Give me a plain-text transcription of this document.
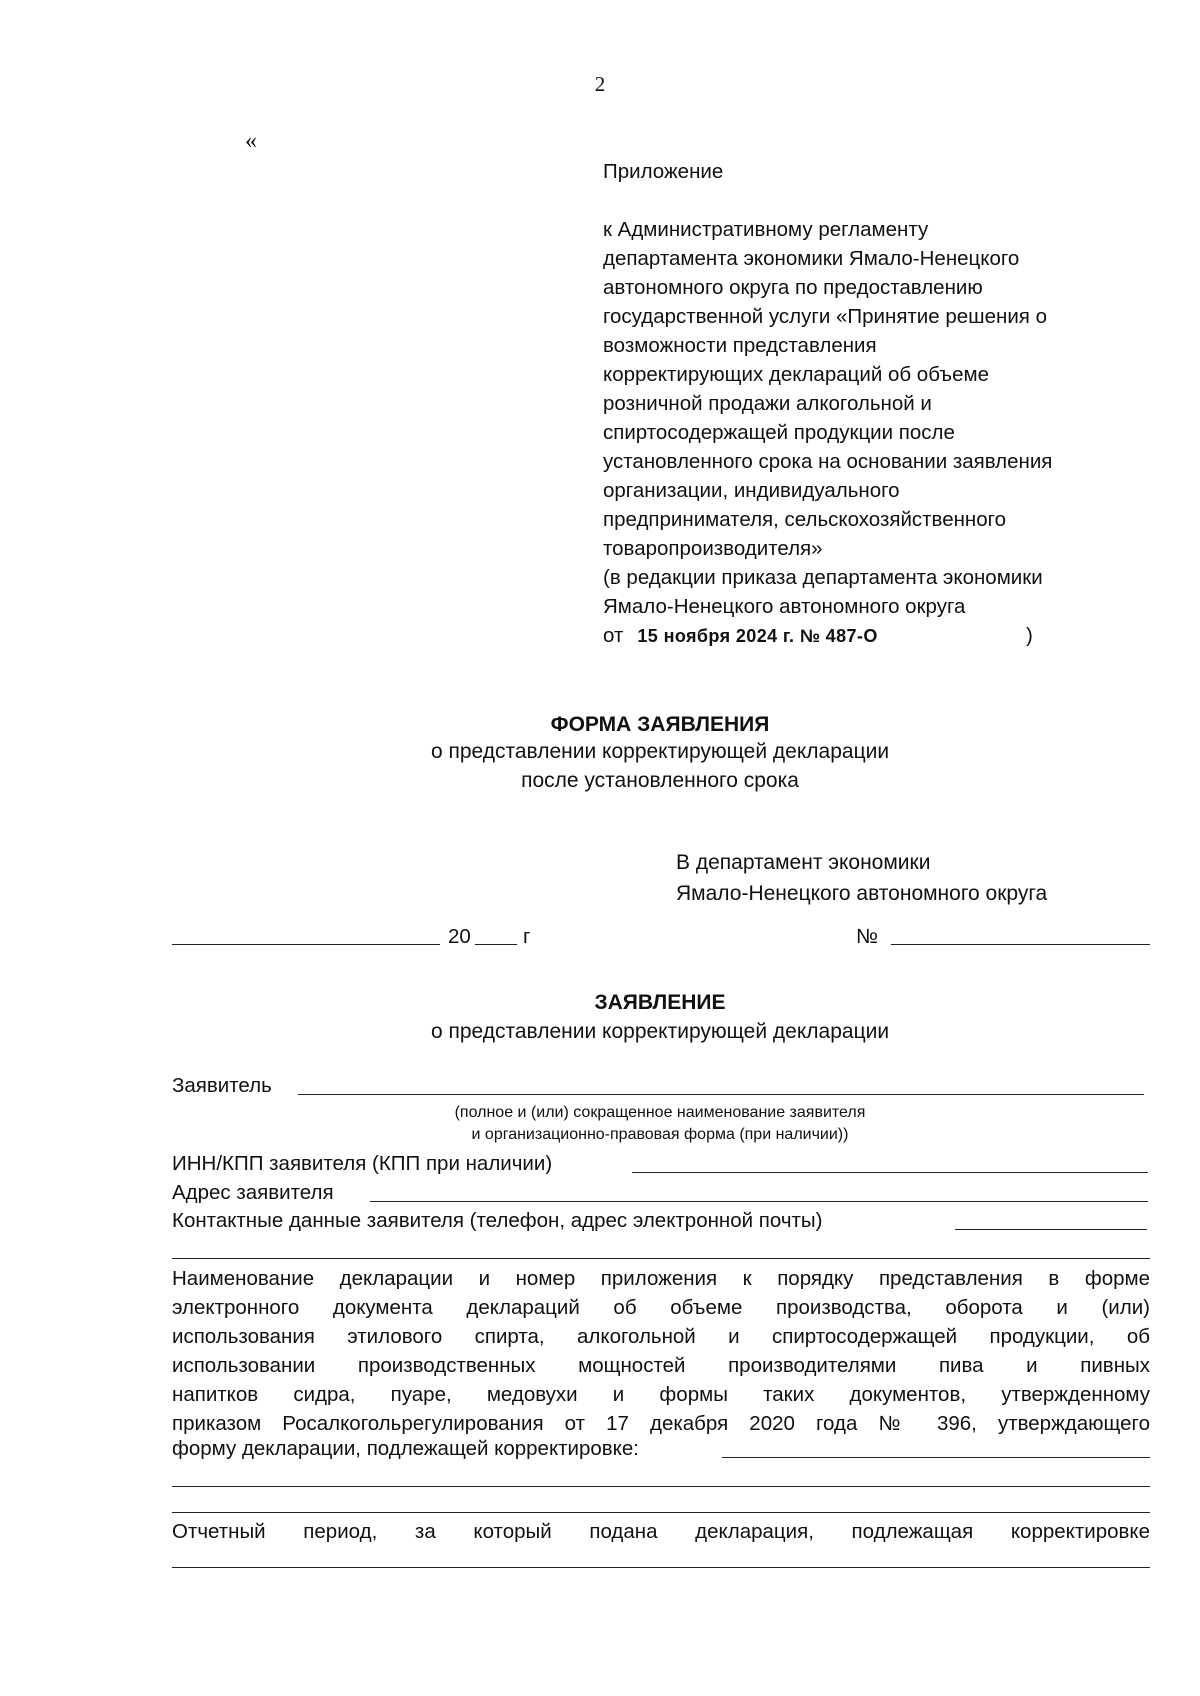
2
«
Приложение
к Административному регламенту
департамента экономики Ямало-Ненецкого
автономного округа по предоставлению
государственной услуги «Принятие решения о
возможности представления
корректирующих деклараций об объеме
розничной продажи алкогольной и
спиртосодержащей продукции после
установленного срока на основании заявления
организации, индивидуального
предпринимателя, сельскохозяйственного
товаропроизводителя»
(в редакции приказа департамента экономики
Ямало-Ненецкого автономного округа
от 15 ноября 2024 г. № 487-О	)
ФОРМА ЗАЯВЛЕНИЯ
о представлении корректирующей декларации
после установленного срока
В департамент экономики
Ямало-Ненецкого автономного округа
20	г	№
ЗАЯВЛЕНИЕ
о представлении корректирующей декларации
Заявитель
(полное и (или) сокращенное наименование заявителя
и организационно-правовая форма (при наличии))
ИНН/КПП заявителя (КПП при наличии)
Адрес заявителя
Контактные данные заявителя (телефон, адрес электронной почты)
Наименование декларации и номер приложения к порядку представления в форме
электронного документа деклараций об объеме производства, оборота и (или)
использования этилового спирта, алкогольной и спиртосодержащей продукции, об
использовании производственных мощностей производителями пива и пивных
напитков сидра, пуаре, медовухи и формы таких документов, утвержденному
приказом Росалкогольрегулирования от 17 декабря 2020 года № 396, утверждающего
форму декларации, подлежащей корректировке:
Отчетный период, за который подана декларация, подлежащая корректировке
